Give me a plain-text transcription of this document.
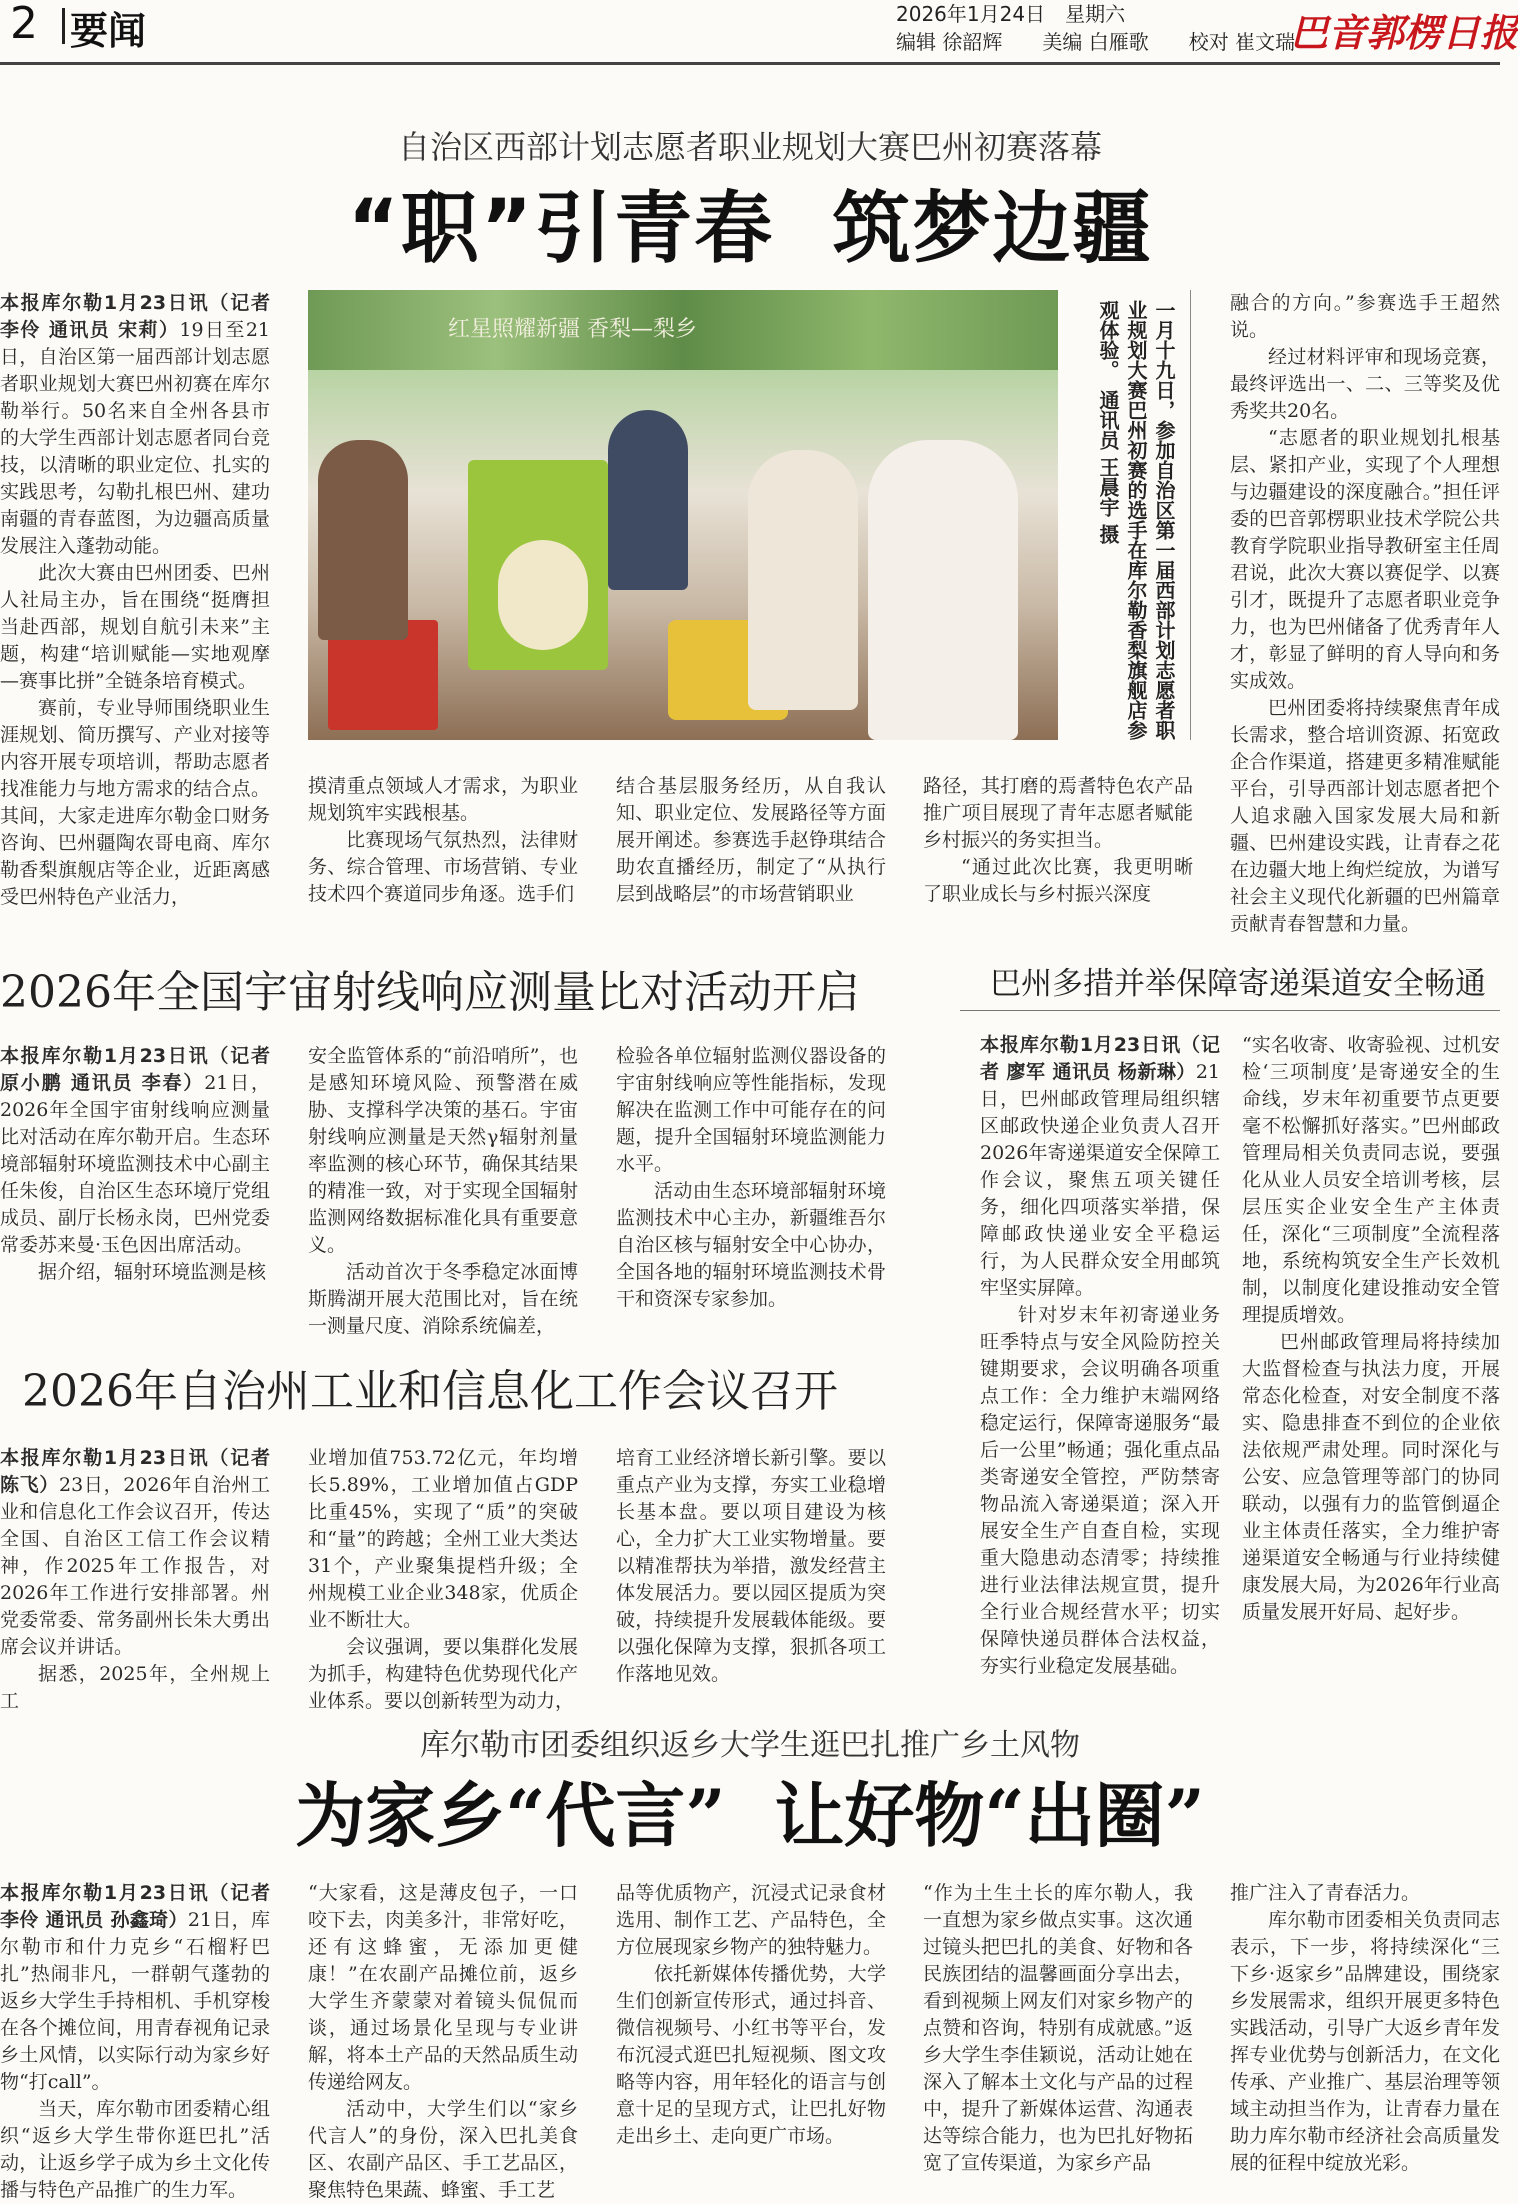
2 要闻	2026年1月24日　星期六
编辑 徐韶辉　　美编 白雁歌　　校对 崔文瑞
巴音郭楞日报
自治区西部计划志愿者职业规划大赛巴州初赛落幕
“职”引青春  筑梦边疆

本报库尔勒1月23日讯（记者 李伶 通讯员 宋莉）19日至21日，自治区第一届西部计划志愿者职业规划大赛巴州初赛在库尔勒举行。50名来自全州各县市的大学生西部计划志愿者同台竞技，以清晰的职业定位、扎实的实践思考，勾勒扎根巴州、建功南疆的青春蓝图，为边疆高质量发展注入蓬勃动能。

此次大赛由巴州团委、巴州人社局主办，旨在围绕“挺膺担当赴西部，规划自航引未来”主题，构建“培训赋能—实地观摩—赛事比拼”全链条培育模式。

赛前，专业导师围绕职业生涯规划、简历撰写、产业对接等内容开展专项培训，帮助志愿者找准能力与地方需求的结合点。其间，大家走进库尔勒金口财务咨询、巴州疆陶农哥电商、库尔勒香梨旗舰店等企业，近距离感受巴州特色产业活力，

红星照耀新疆 香梨—梨乡	一月十九日，参加自治区第一届西部计划志愿者职业规划大赛巴州初赛的选手在库尔勒香梨旗舰店参观体验。　通讯员 王晨宇 摄

摸清重点领域人才需求，为职业规划筑牢实践根基。

比赛现场气氛热烈，法律财务、综合管理、市场营销、专业技术四个赛道同步角逐。选手们

结合基层服务经历，从自我认知、职业定位、发展路径等方面展开阐述。参赛选手赵铮琪结合助农直播经历，制定了“从执行层到战略层”的市场营销职业

路径，其打磨的焉耆特色农产品推广项目展现了青年志愿者赋能乡村振兴的务实担当。

“通过此次比赛，我更明晰了职业成长与乡村振兴深度

融合的方向。”参赛选手王超然说。

经过材料评审和现场竞赛，最终评选出一、二、三等奖及优秀奖共20名。

“志愿者的职业规划扎根基层、紧扣产业，实现了个人理想与边疆建设的深度融合。”担任评委的巴音郭楞职业技术学院公共教育学院职业指导教研室主任周君说，此次大赛以赛促学、以赛引才，既提升了志愿者职业竞争力，也为巴州储备了优秀青年人才，彰显了鲜明的育人导向和务实成效。

巴州团委将持续聚焦青年成长需求，整合培训资源、拓宽政企合作渠道，搭建更多精准赋能平台，引导西部计划志愿者把个人追求融入国家发展大局和新疆、巴州建设实践，让青春之花在边疆大地上绚烂绽放，为谱写社会主义现代化新疆的巴州篇章贡献青春智慧和力量。

2026年全国宇宙射线响应测量比对活动开启

本报库尔勒1月23日讯（记者 原小鹏 通讯员 李春）21日，2026年全国宇宙射线响应测量比对活动在库尔勒开启。生态环境部辐射环境监测技术中心副主任朱俊，自治区生态环境厅党组成员、副厅长杨永岗，巴州党委常委苏来曼·玉色因出席活动。

据介绍，辐射环境监测是核

安全监管体系的“前沿哨所”，也是感知环境风险、预警潜在威胁、支撑科学决策的基石。宇宙射线响应测量是天然γ辐射剂量率监测的核心环节，确保其结果的精准一致，对于实现全国辐射监测网络数据标准化具有重要意义。

活动首次于冬季稳定冰面博斯腾湖开展大范围比对，旨在统一测量尺度、消除系统偏差，

检验各单位辐射监测仪器设备的宇宙射线响应等性能指标，发现解决在监测工作中可能存在的问题，提升全国辐射环境监测能力水平。

活动由生态环境部辐射环境监测技术中心主办，新疆维吾尔自治区核与辐射安全中心协办，全国各地的辐射环境监测技术骨干和资深专家参加。

2026年自治州工业和信息化工作会议召开

本报库尔勒1月23日讯（记者 陈飞）23日，2026年自治州工业和信息化工作会议召开，传达全国、自治区工信工作会议精神，作2025年工作报告，对2026年工作进行安排部署。州党委常委、常务副州长朱大勇出席会议并讲话。

据悉，2025年，全州规上工

业增加值753.72亿元，年均增长5.89%，工业增加值占GDP比重45%，实现了“质”的突破和“量”的跨越；全州工业大类达31个，产业聚集提档升级；全州规模工业企业348家，优质企业不断壮大。

会议强调，要以集群化发展为抓手，构建特色优势现代化产业体系。要以创新转型为动力，

培育工业经济增长新引擎。要以重点产业为支撑，夯实工业稳增长基本盘。要以项目建设为核心，全力扩大工业实物增量。要以精准帮扶为举措，激发经营主体发展活力。要以园区提质为突破，持续提升发展载体能级。要以强化保障为支撑，狠抓各项工作落地见效。

巴州多措并举保障寄递渠道安全畅通

本报库尔勒1月23日讯（记者 廖军 通讯员 杨新琳）21日，巴州邮政管理局组织辖区邮政快递企业负责人召开2026年寄递渠道安全保障工作会议，聚焦五项关键任务，细化四项落实举措，保障邮政快递业安全平稳运行，为人民群众安全用邮筑牢坚实屏障。

针对岁末年初寄递业务旺季特点与安全风险防控关键期要求，会议明确各项重点工作：全力维护末端网络稳定运行，保障寄递服务“最后一公里”畅通；强化重点品类寄递安全管控，严防禁寄物品流入寄递渠道；深入开展安全生产自查自检，实现重大隐患动态清零；持续推进行业法律法规宣贯，提升全行业合规经营水平；切实保障快递员群体合法权益，夯实行业稳定发展基础。

“实名收寄、收寄验视、过机安检‘三项制度’是寄递安全的生命线，岁末年初重要节点更要毫不松懈抓好落实。”巴州邮政管理局相关负责同志说，要强化从业人员安全培训考核，层层压实企业安全生产主体责任，深化“三项制度”全流程落地，系统构筑安全生产长效机制，以制度化建设推动安全管理提质增效。

巴州邮政管理局将持续加大监督检查与执法力度，开展常态化检查，对安全制度不落实、隐患排查不到位的企业依法依规严肃处理。同时深化与公安、应急管理等部门的协同联动，以强有力的监管倒逼企业主体责任落实，全力维护寄递渠道安全畅通与行业持续健康发展大局，为2026年行业高质量发展开好局、起好步。

库尔勒市团委组织返乡大学生逛巴扎推广乡土风物
为家乡“代言”  让好物“出圈”

本报库尔勒1月23日讯（记者 李伶 通讯员 孙鑫琦）21日，库尔勒市和什力克乡“石榴籽巴扎”热闹非凡，一群朝气蓬勃的返乡大学生手持相机、手机穿梭在各个摊位间，用青春视角记录乡土风情，以实际行动为家乡好物“打call”。

当天，库尔勒市团委精心组织“返乡大学生带你逛巴扎”活动，让返乡学子成为乡土文化传播与特色产品推广的生力军。

“大家看，这是薄皮包子，一口咬下去，肉美多汁，非常好吃，还有这蜂蜜，无添加更健康！”在农副产品摊位前，返乡大学生齐蒙蒙对着镜头侃侃而谈，通过场景化呈现与专业讲解，将本土产品的天然品质生动传递给网友。

活动中，大学生们以“家乡代言人”的身份，深入巴扎美食区、农副产品区、手工艺品区，聚焦特色果蔬、蜂蜜、手工艺

品等优质物产，沉浸式记录食材选用、制作工艺、产品特色，全方位展现家乡物产的独特魅力。

依托新媒体传播优势，大学生们创新宣传形式，通过抖音、微信视频号、小红书等平台，发布沉浸式逛巴扎短视频、图文攻略等内容，用年轻化的语言与创意十足的呈现方式，让巴扎好物走出乡土、走向更广市场。

“作为土生土长的库尔勒人，我一直想为家乡做点实事。这次通过镜头把巴扎的美食、好物和各民族团结的温馨画面分享出去，看到视频上网友们对家乡物产的点赞和咨询，特别有成就感。”返乡大学生李佳颖说，活动让她在深入了解本土文化与产品的过程中，提升了新媒体运营、沟通表达等综合能力，也为巴扎好物拓宽了宣传渠道，为家乡产品

推广注入了青春活力。

库尔勒市团委相关负责同志表示，下一步，将持续深化“三下乡·返家乡”品牌建设，围绕家乡发展需求，组织开展更多特色实践活动，引导广大返乡青年发挥专业优势与创新活力，在文化传承、产业推广、基层治理等领域主动担当作为，让青春力量在助力库尔勒市经济社会高质量发展的征程中绽放光彩。
